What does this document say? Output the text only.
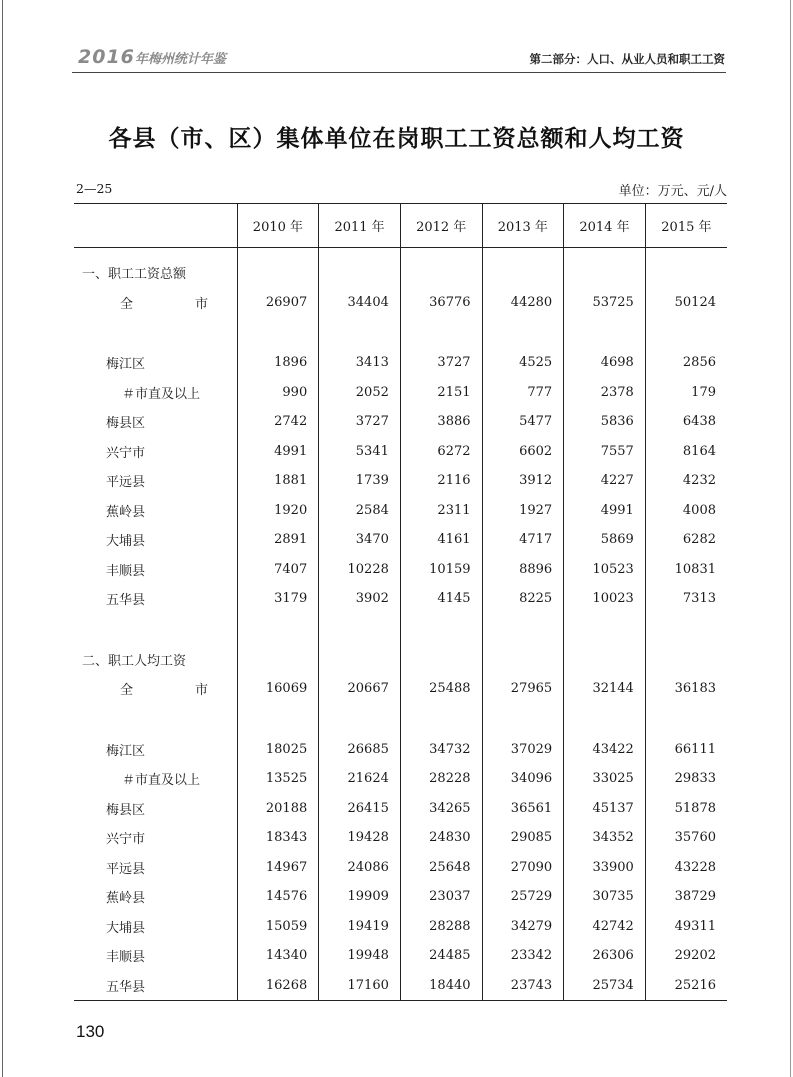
2016年梅州统计年鉴	第二部分：人口、从业人员和职工工资
各县（市、区）集体单位在岗职工工资总额和人均工资
2—25	单位：万元、元/人
	2010 年	2011 年	2012 年	2013 年	2014 年	2015 年
一、职工工资总额						
全 市	26907	34404	36776	44280	53725	50124

梅江区	1896	3413	3727	4525	4698	2856
＃市直及以上	990	2052	2151	777	2378	179
梅县区	2742	3727	3886	5477	5836	6438
兴宁市	4991	5341	6272	6602	7557	8164
平远县	1881	1739	2116	3912	4227	4232
蕉岭县	1920	2584	2311	1927	4991	4008
大埔县	2891	3470	4161	4717	5869	6282
丰顺县	7407	10228	10159	8896	10523	10831
五华县	3179	3902	4145	8225	10023	7313

二、职工人均工资						
全 市	16069	20667	25488	27965	32144	36183

梅江区	18025	26685	34732	37029	43422	66111
＃市直及以上	13525	21624	28228	34096	33025	29833
梅县区	20188	26415	34265	36561	45137	51878
兴宁市	18343	19428	24830	29085	34352	35760
平远县	14967	24086	25648	27090	33900	43228
蕉岭县	14576	19909	23037	25729	30735	38729
大埔县	15059	19419	28288	34279	42742	49311
丰顺县	14340	19948	24485	23342	26306	29202
五华县	16268	17160	18440	23743	25734	25216
130
